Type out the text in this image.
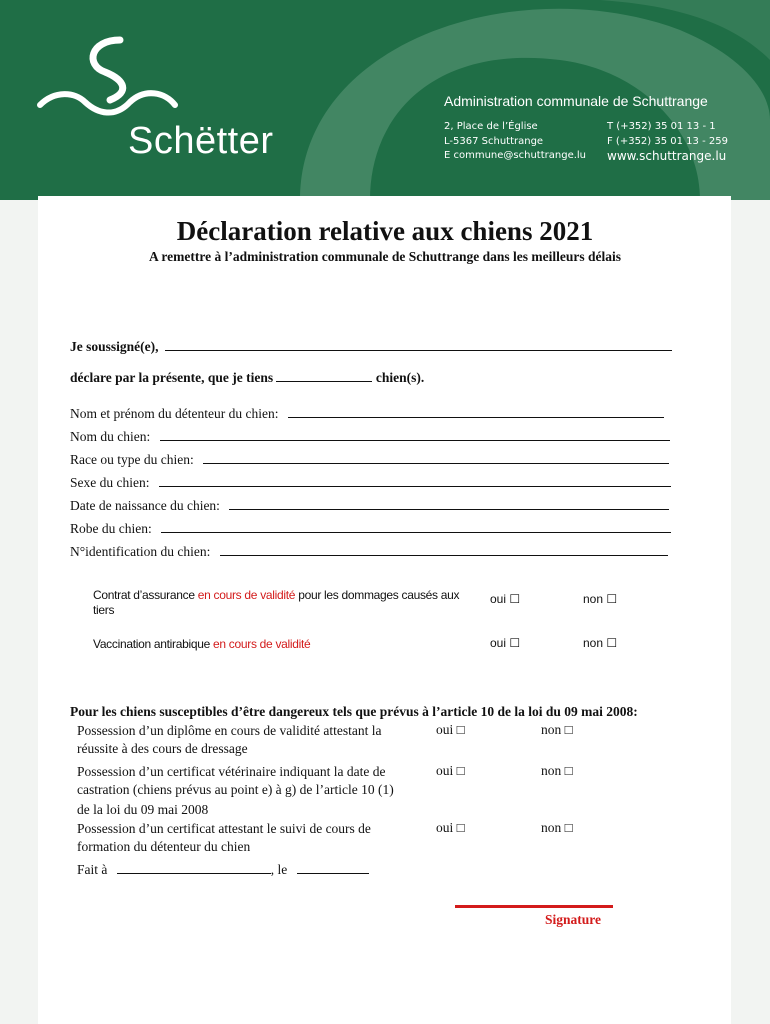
Schëtter
Administration communale de Schuttrange
2, Place de l’Église
L-5367 Schuttrange
E commune@schuttrange.lu
T (+352) 35 01 13 - 1
F (+352) 35 01 13 - 259
www.schuttrange.lu
Déclaration relative aux chiens 2021
A remettre à l’administration communale de Schuttrange dans les meilleurs délais
Je soussigné(e),
déclare par la présente, que je tiens	chien(s).
Nom et prénom du détenteur du chien:
Nom du chien:
Race ou type du chien:
Sexe du chien:
Date de naissance du chien:
Robe du chien:
N°identification du chien:
Contrat d’assurance en cours de validité pour les dommages causés aux
tiers
oui ☐	non ☐
Vaccination antirabique en cours de validité	oui ☐	non ☐
Pour les chiens susceptibles d’être dangereux tels que prévus à l’article 10 de la loi du 09 mai 2008:
Possession d’un diplôme en cours de validité attestant la
réussite à des cours de dressage
oui □	non □
Possession d’un certificat vétérinaire indiquant la date de
castration (chiens prévus au point e) à g) de l’article 10 (1)
de la loi du 09 mai 2008
oui □	non □
Possession d’un certificat attestant le suivi de cours de
formation du détenteur du chien
oui □	non □
Fait à	, le
Signature
